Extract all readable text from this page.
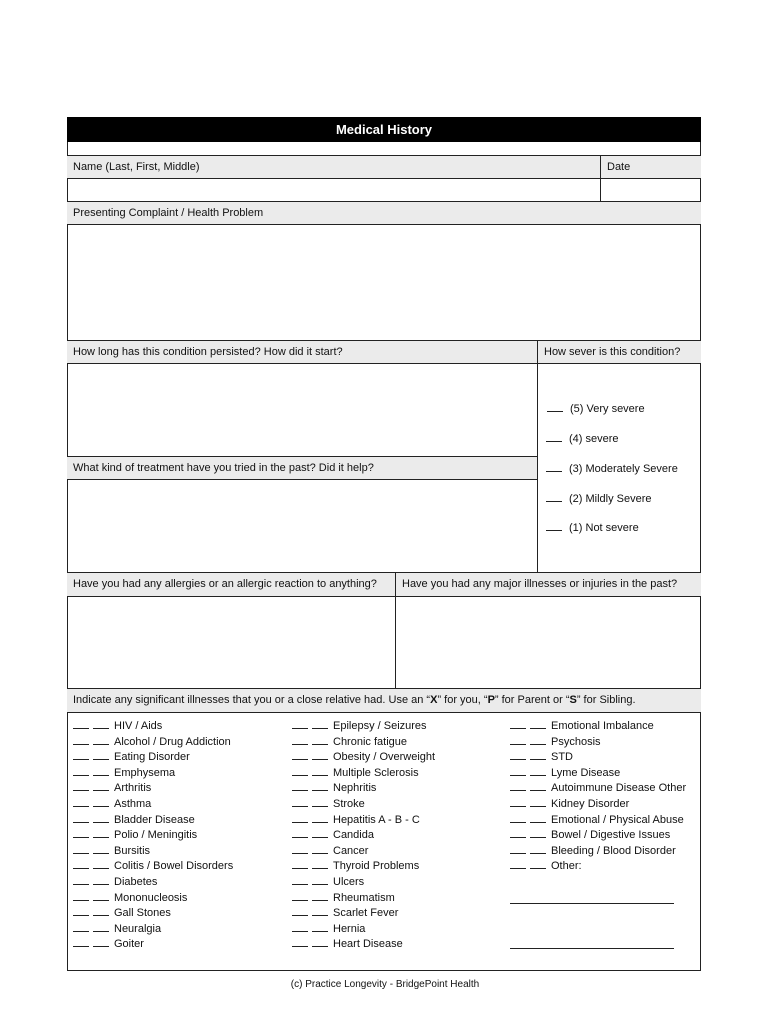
Medical History
Name (Last, First, Middle)	Date
Presenting Complaint / Health Problem
How long has this condition persisted? How did it start?	How sever is this condition?
What kind of treatment have you tried in the past? Did it help?
(5) Very severe
(4) severe
(3) Moderately Severe
(2) Mildly Severe
(1) Not severe
Have you had any allergies or an allergic reaction to anything?	Have you had any major illnesses or injuries in the past?
Indicate any significant illnesses that you or a close relative had. Use an “X” for you, “P” for Parent or “S” for Sibling.
HIV / Aids
Alcohol / Drug Addiction
Eating Disorder
Emphysema
Arthritis
Asthma
Bladder Disease
Polio / Meningitis
Bursitis
Colitis / Bowel Disorders
Diabetes
Mononucleosis
Gall Stones
Neuralgia
Goiter
Epilepsy / Seizures
Chronic fatigue
Obesity / Overweight
Multiple Sclerosis
Nephritis
Stroke
Hepatitis A - B - C
Candida
Cancer
Thyroid Problems
Ulcers
Rheumatism
Scarlet Fever
Hernia
Heart Disease
Emotional Imbalance
Psychosis
STD
Lyme Disease
Autoimmune Disease Other
Kidney Disorder
Emotional / Physical Abuse
Bowel / Digestive Issues
Bleeding / Blood Disorder
Other:
(c) Practice Longevity - BridgePoint Health
